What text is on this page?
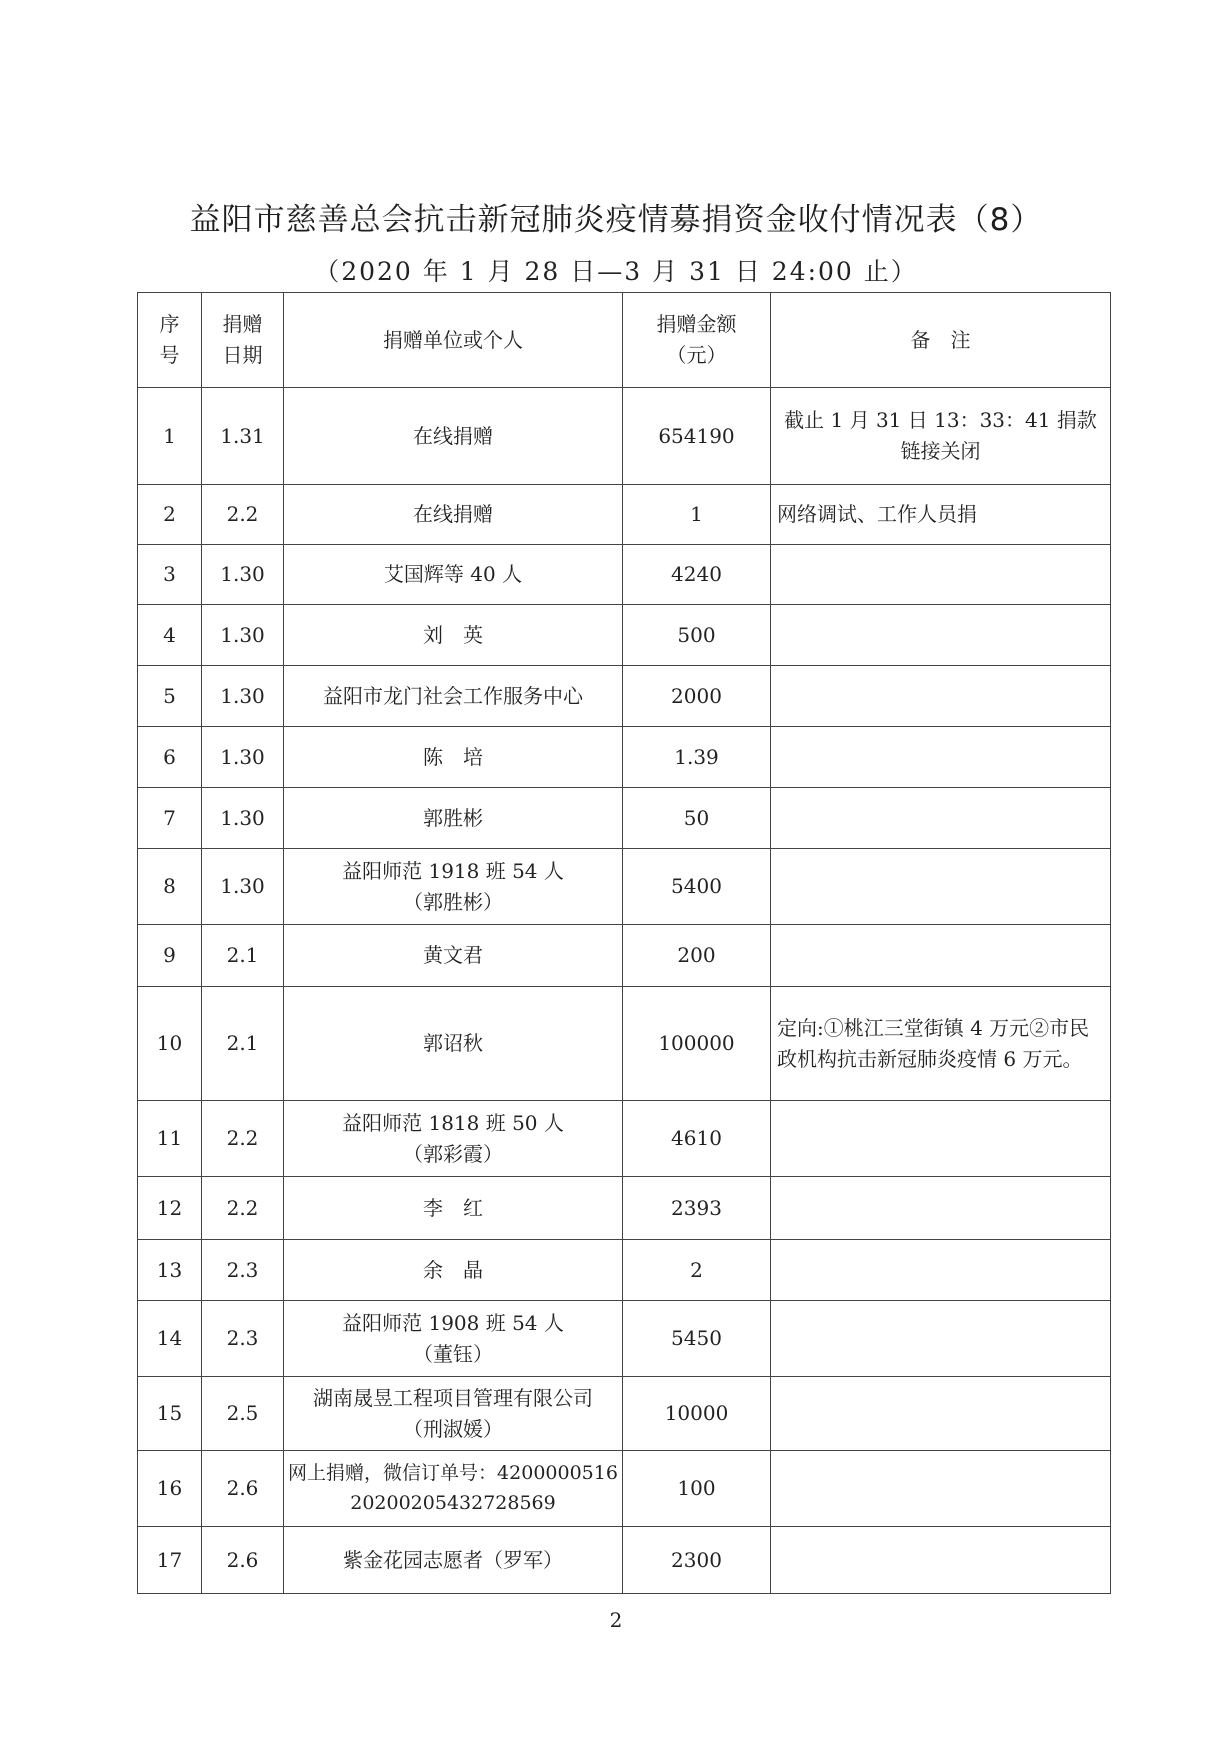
益阳市慈善总会抗击新冠肺炎疫情募捐资金收付情况表（8）
（2020 年 1 月 28 日—3 月 31 日 24:00 止）
序号	捐赠日期	捐赠单位或个人	捐赠金额（元）	备　注
1	1.31	在线捐赠	654190	截止 1 月 31 日 13：33：41 捐款链接关闭
2	2.2	在线捐赠	1	网络调试、工作人员捐
3	1.30	艾国辉等 40 人	4240	
4	1.30	刘　英	500	
5	1.30	益阳市龙门社会工作服务中心	2000	
6	1.30	陈　培	1.39	
7	1.30	郭胜彬	50	
8	1.30	益阳师范 1918 班 54 人（郭胜彬）	5400	
9	2.1	黄文君	200	
10	2.1	郭诏秋	100000	定向:①桃江三堂街镇 4 万元②市民政机构抗击新冠肺炎疫情 6 万元。
11	2.2	益阳师范 1818 班 50 人（郭彩霞）	4610	
12	2.2	李　红	2393	
13	2.3	余　晶	2	
14	2.3	益阳师范 1908 班 54 人（董钰）	5450	
15	2.5	湖南晟昱工程项目管理有限公司（刑淑媛）	10000	
16	2.6	网上捐赠，微信订单号：4200000516202002054327285​69	100	
17	2.6	紫金花园志愿者（罗军）	2300	
2
